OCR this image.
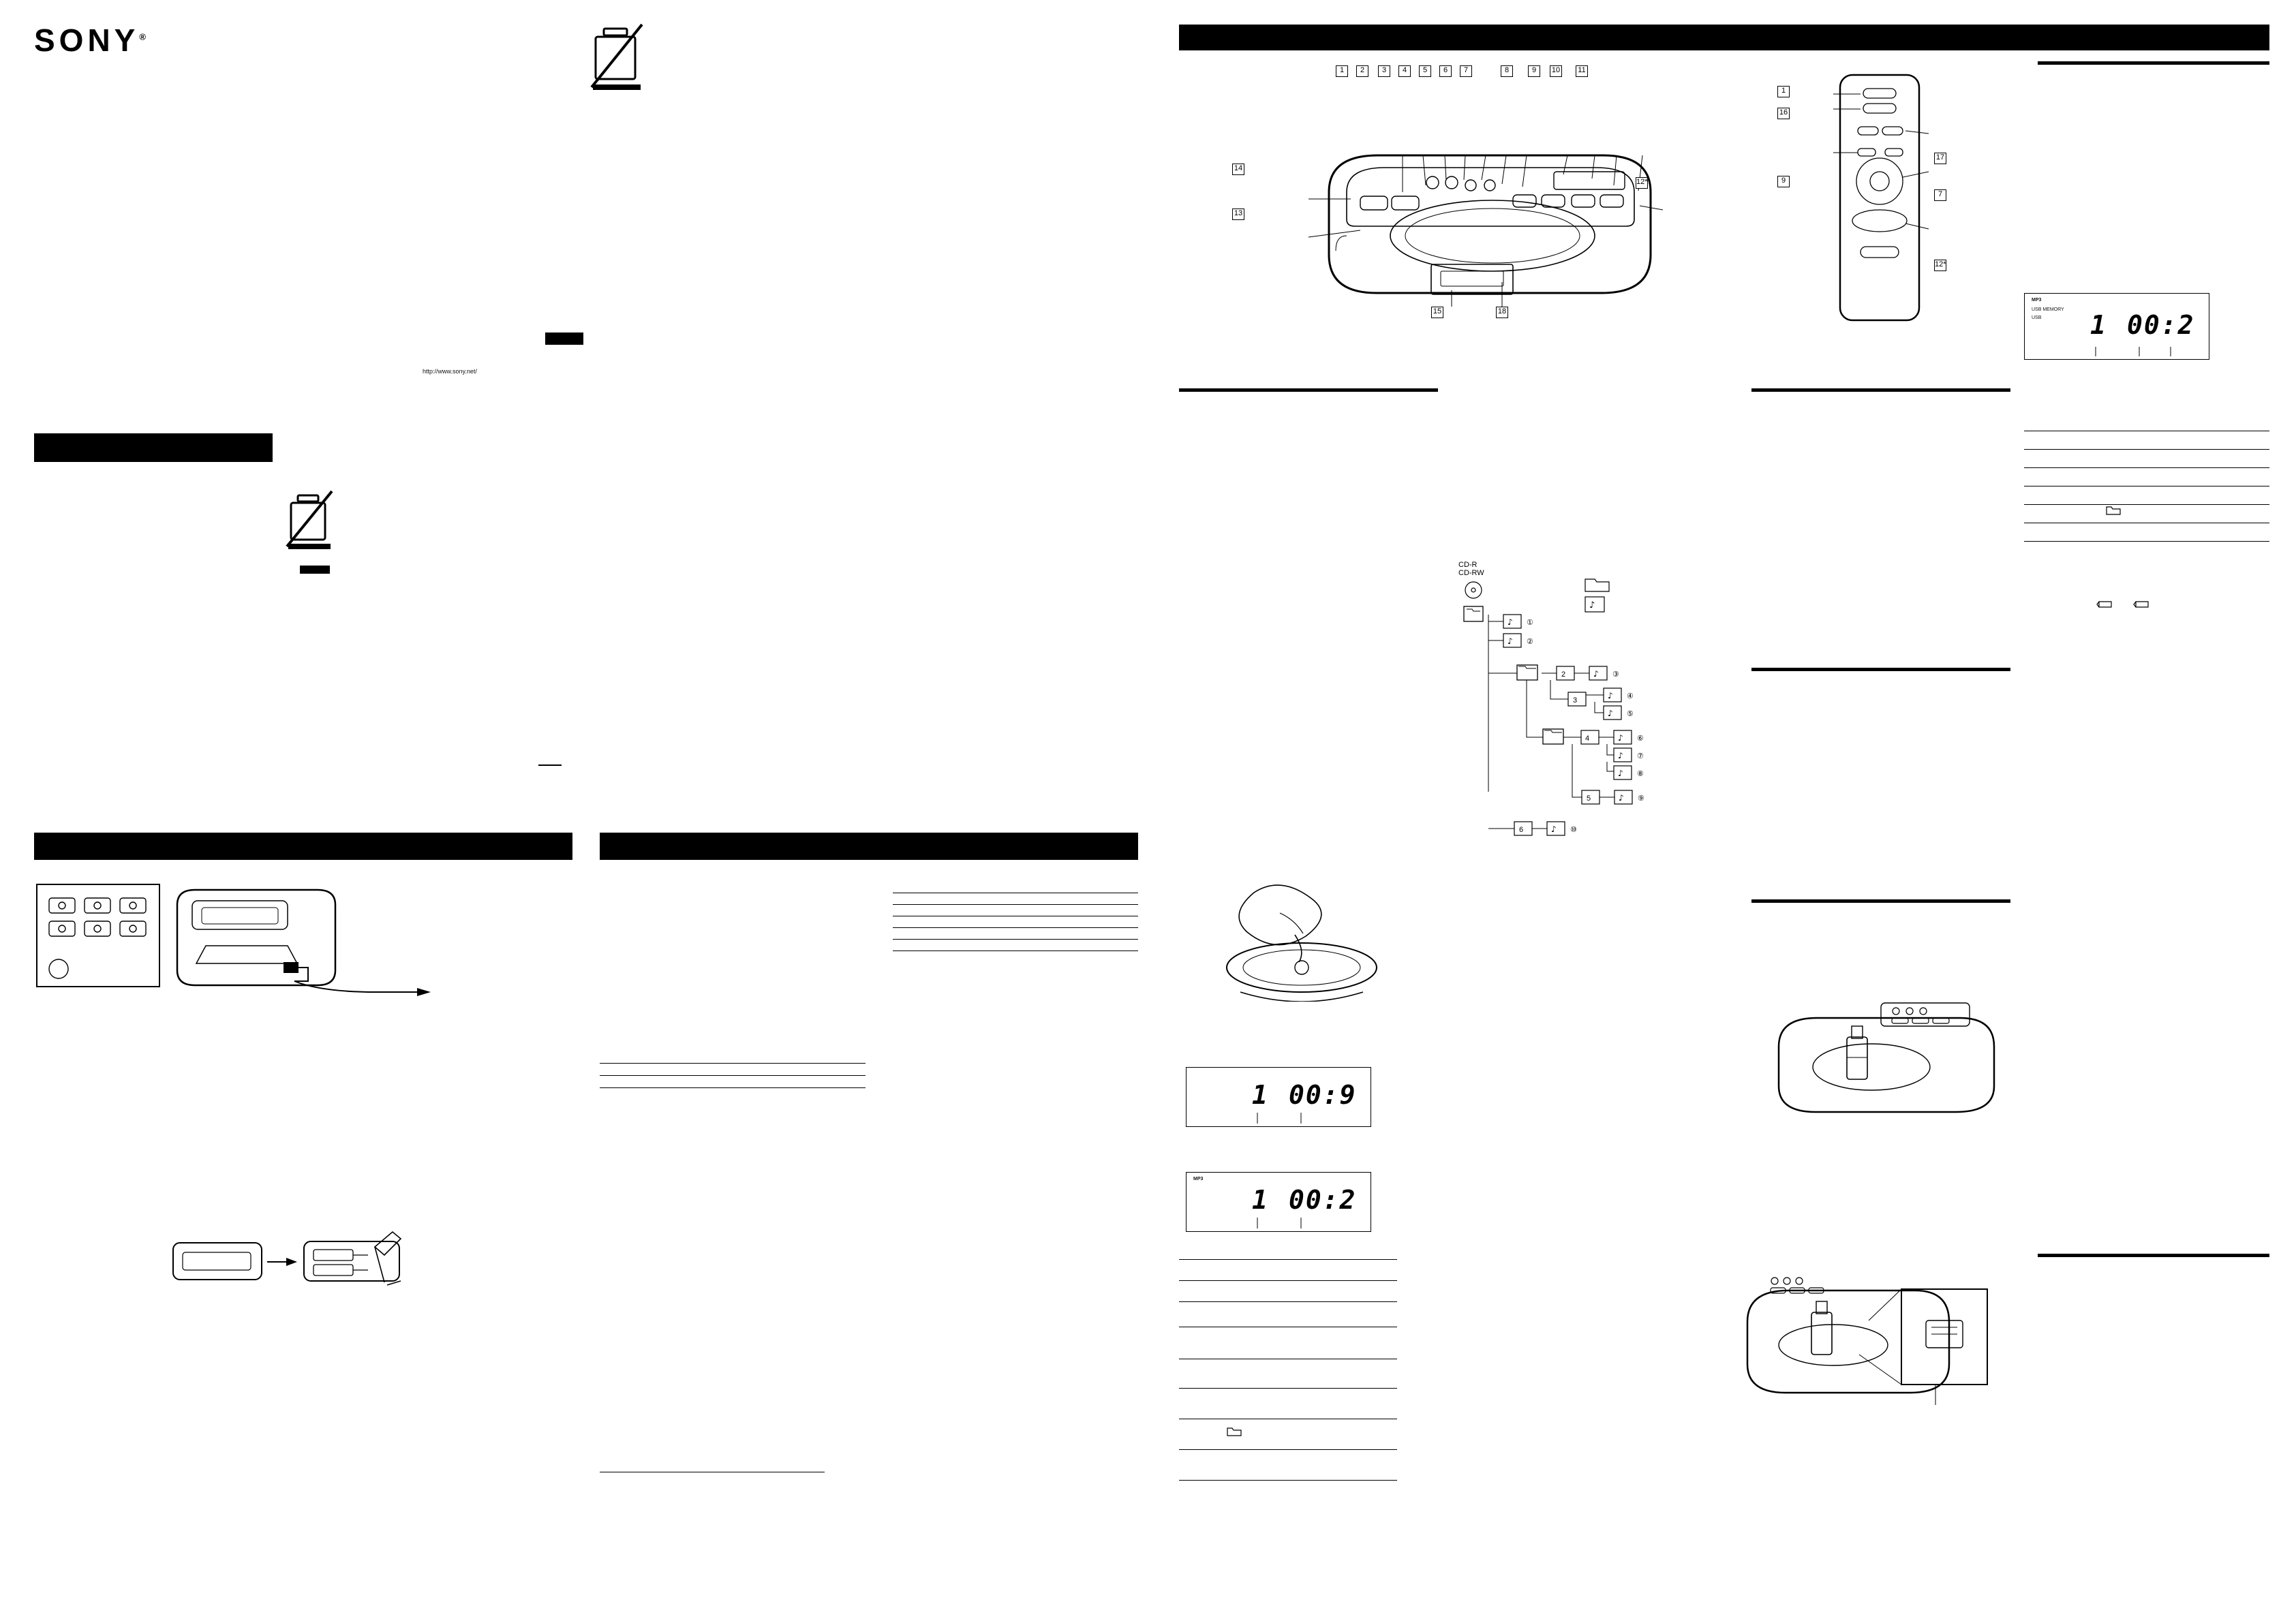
SONY®
http://www.sony.net/
1	2	3	4	5	6	7	8	9	10 11
14
13
12*
15	18
1
16
9
17
7
12*
MP3
USB MEMORY
USB 1 00:2
CD-R
CD-RW
♪
♪ ①
♪ ②
2	♪ ③
3	♪ ④
♪ ⑤
4	♪ ⑥
♪ ⑦
♪ ⑧
5	♪ ⑨
6	♪ ⑩
1 00:9
MP3
1 00:2
